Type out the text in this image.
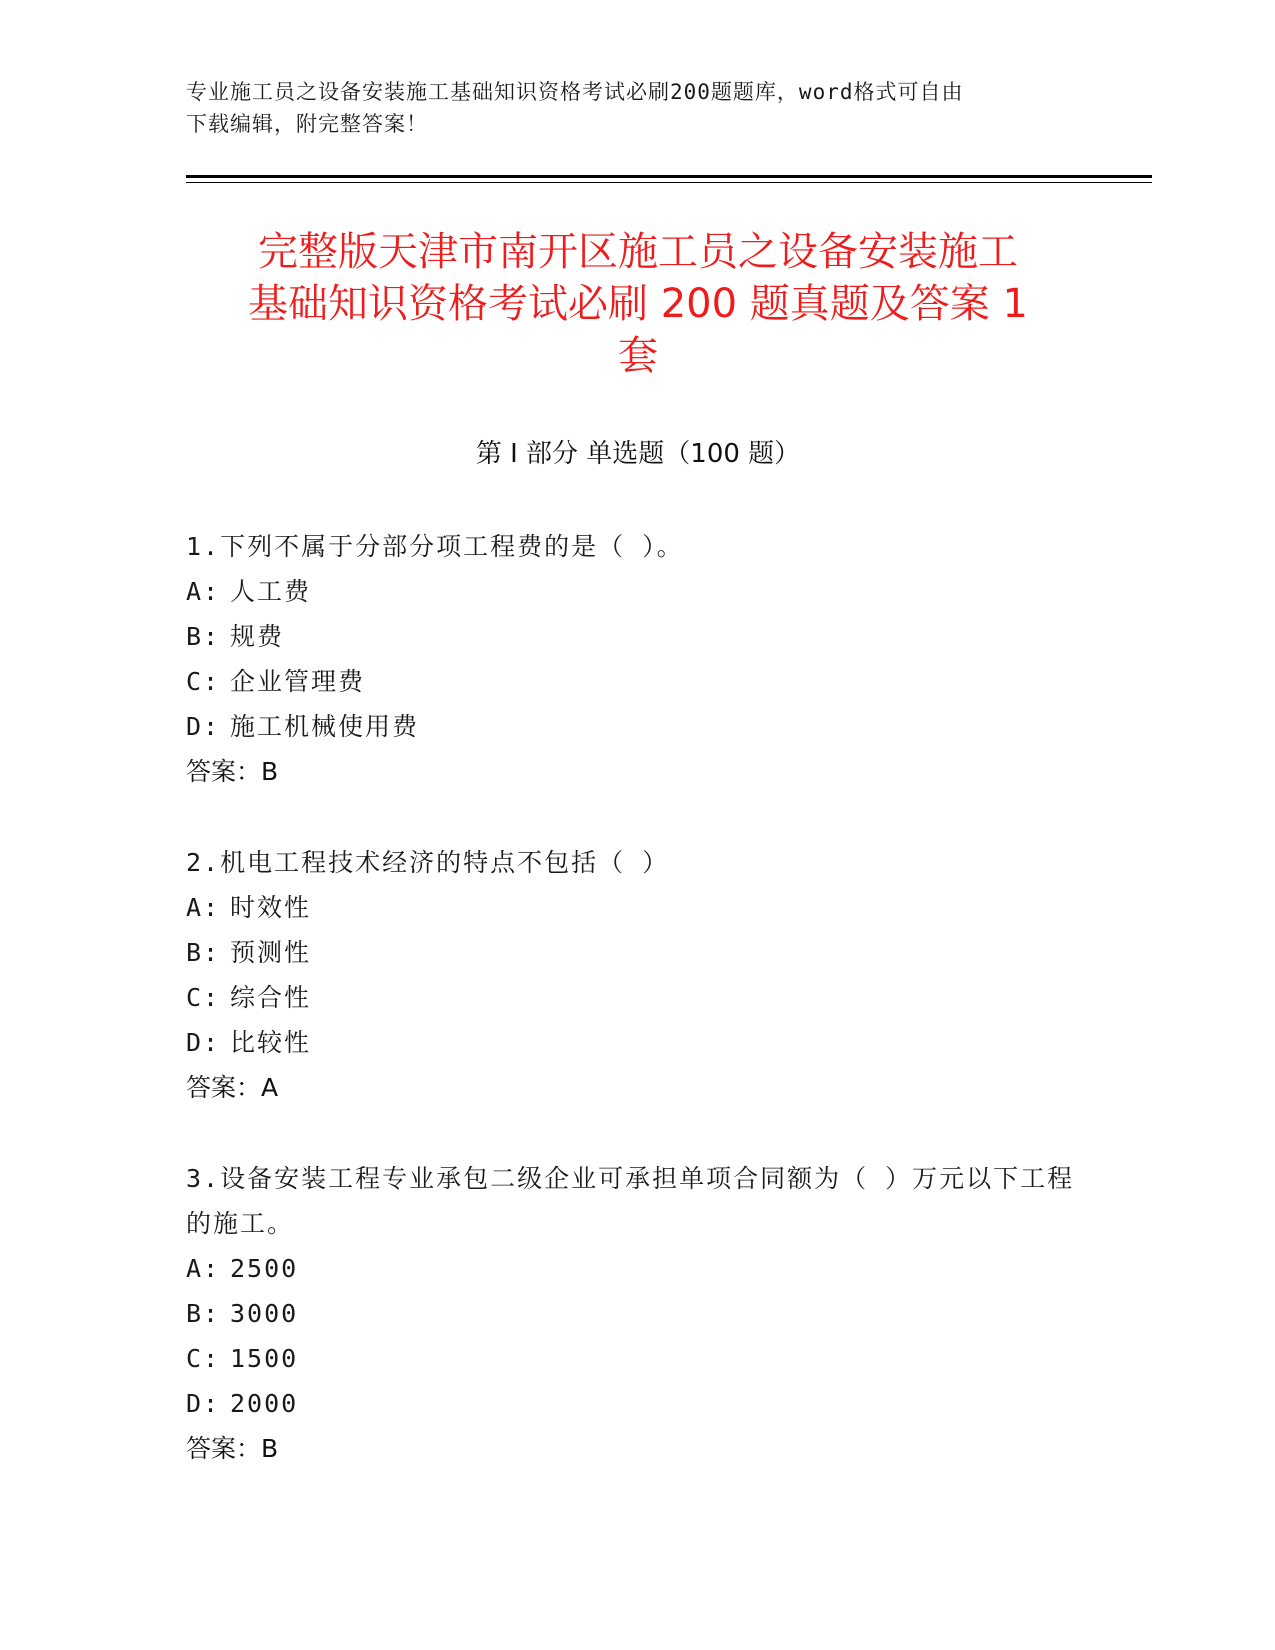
专业施工员之设备安装施工基础知识资格考试必刷200题题库，word格式可自由
下载编辑，附完整答案！
完整版天津市南开区施工员之设备安装施工
基础知识资格考试必刷 200 题真题及答案 1
套
第 I 部分 单选题（100 题）

1.下列不属于分部分项工程费的是（ ）。

A: 人工费

B: 规费

C: 企业管理费

D: 施工机械使用费

答案：B

2.机电工程技术经济的特点不包括（ ）

A: 时效性

B: 预测性

C: 综合性

D: 比较性

答案：A

3.设备安装工程专业承包二级企业可承担单项合同额为（ ）万元以下工程的施工。

A: 2500

B: 3000

C: 1500

D: 2000

答案：B
